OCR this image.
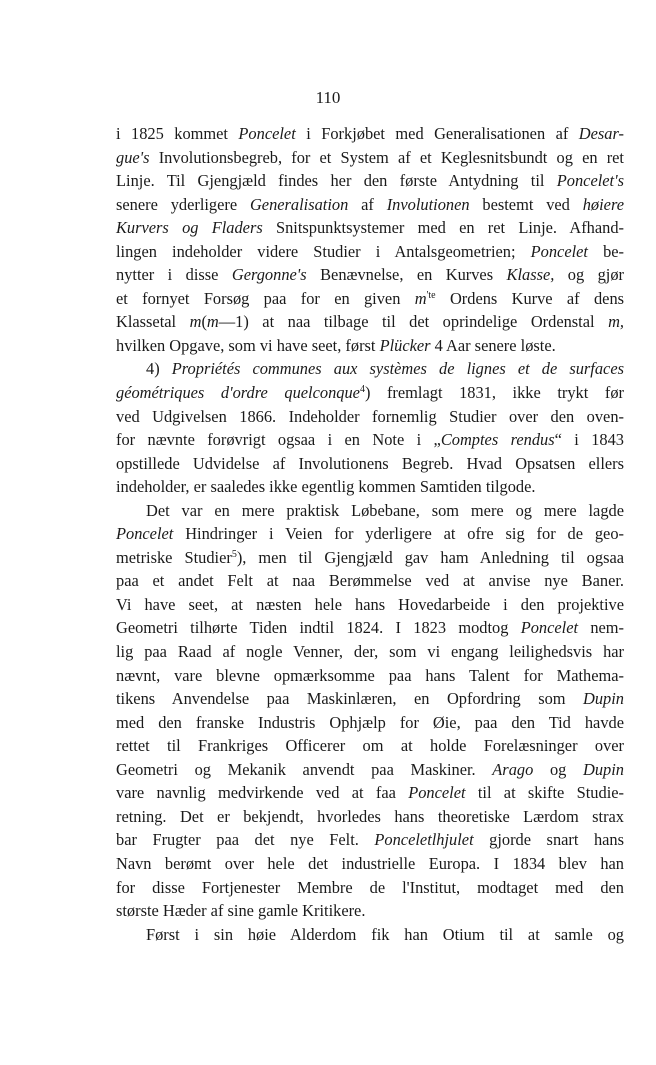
110
i 1825 kommet Poncelet i Forkjøbet med Generalisationen af Desar-
gue's Involutionsbegreb, for et System af et Keglesnitsbundt og en ret
Linje. Til Gjengjæld findes her den første Antydning til Poncelet's
senere yderligere Generalisation af Involutionen bestemt ved høiere
Kurvers og Fladers Snitspunktsystemer med en ret Linje. Afhand-
lingen indeholder videre Studier i Antalsgeometrien; Poncelet be-
nytter i disse Gergonne's Benævnelse, en Kurves Klasse, og gjør
et fornyet Forsøg paa for en given $m^{'te}$ Ordens Kurve af dens
Klassetal m(m—1) at naa tilbage til det oprindelige Ordenstal m,
hvilken Opgave, som vi have seet, først Plücker 4 Aar senere løste.
4) Propriétés communes aux systèmes de lignes et de surfaces
géométriques d'ordre quelconque$^4$) fremlagt 1831, ikke trykt før
ved Udgivelsen 1866. Indeholder fornemlig Studier over den oven-
for nævnte forøvrigt ogsaa i en Note i „Comptes rendus“ i 1843
opstillede Udvidelse af Involutionens Begreb. Hvad Opsatsen ellers
indeholder, er saaledes ikke egentlig kommen Samtiden tilgode.
Det var en mere praktisk Løbebane, som mere og mere lagde
Poncelet Hindringer i Veien for yderligere at ofre sig for de geo-
metriske Studier$^5$), men til Gjengjæld gav ham Anledning til ogsaa
paa et andet Felt at naa Berømmelse ved at anvise nye Baner.
Vi have seet, at næsten hele hans Hovedarbeide i den projektive
Geometri tilhørte Tiden indtil 1824. I 1823 modtog Poncelet nem-
lig paa Raad af nogle Venner, der, som vi engang leilighedsvis har
nævnt, vare blevne opmærksomme paa hans Talent for Mathema-
tikens Anvendelse paa Maskinlæren, en Opfordring som Dupin
med den franske Industris Ophjælp for Øie, paa den Tid havde
rettet til Frankriges Officerer om at holde Forelæsninger over
Geometri og Mekanik anvendt paa Maskiner. Arago og Dupin
vare navnlig medvirkende ved at faa Poncelet til at skifte Studie-
retning. Det er bekjendt, hvorledes hans theoretiske Lærdom strax
bar Frugter paa det nye Felt. Ponceletlhjulet gjorde snart hans
Navn berømt over hele det industrielle Europa. I 1834 blev han
for disse Fortjenester Membre de l'Institut, modtaget med den
største Hæder af sine gamle Kritikere.
Først i sin høie Alderdom fik han Otium til at samle og
